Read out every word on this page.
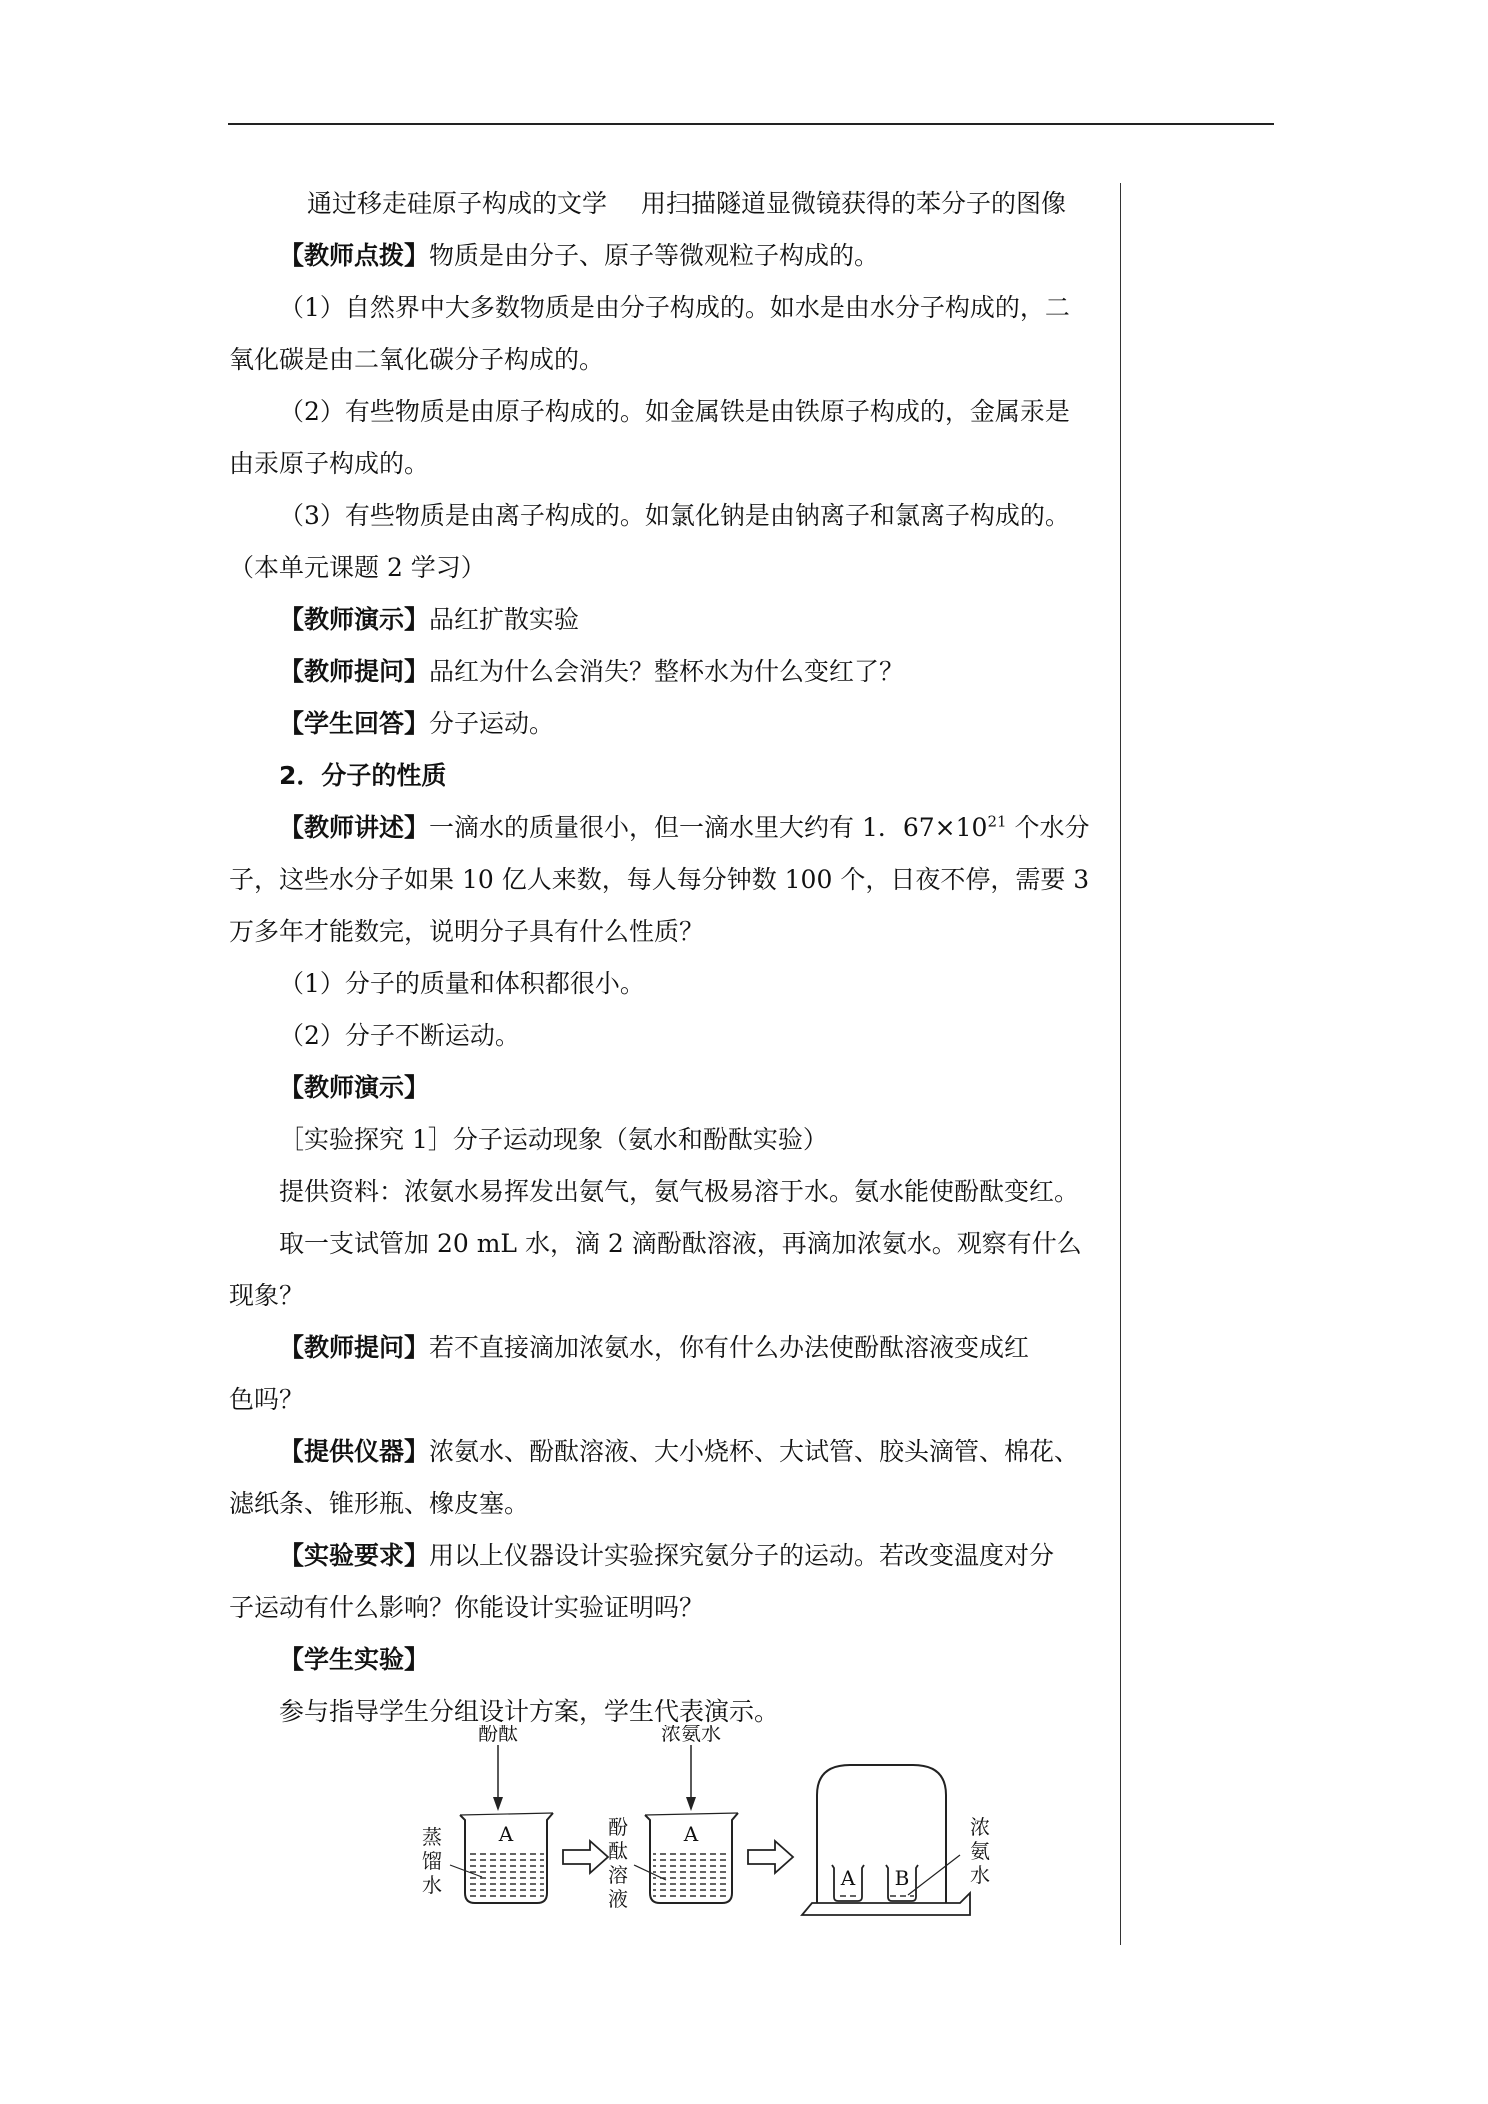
通过移走硅原子构成的文学 用扫描隧道显微镜获得的苯分子的图像

【教师点拨】物质是由分子、原子等微观粒子构成的。

（1）自然界中大多数物质是由分子构成的。如水是由水分子构成的，二
氧化碳是由二氧化碳分子构成的。

（2）有些物质是由原子构成的。如金属铁是由铁原子构成的，金属汞是
由汞原子构成的。

（3）有些物质是由离子构成的。如氯化钠是由钠离子和氯离子构成的。
（本单元课题 2 学习）

【教师演示】品红扩散实验

【教师提问】品红为什么会消失？整杯水为什么变红了？

【学生回答】分子运动。

2．分子的性质

【教师讲述】一滴水的质量很小，但一滴水里大约有 1．$67\times 10^{21}$ 个水分
子，这些水分子如果 10 亿人来数，每人每分钟数 100 个，日夜不停，需要 3
万多年才能数完，说明分子具有什么性质？

（1）分子的质量和体积都很小。

（2）分子不断运动。

【教师演示】

［实验探究 1］分子运动现象（氨水和酚酞实验）

提供资料：浓氨水易挥发出氨气，氨气极易溶于水。氨水能使酚酞变红。

取一支试管加 20 mL 水，滴 2 滴酚酞溶液，再滴加浓氨水。观察有什么
现象？

【教师提问】若不直接滴加浓氨水，你有什么办法使酚酞溶液变成红
色吗？

【提供仪器】浓氨水、酚酞溶液、大小烧杯、大试管、胶头滴管、棉花、
滤纸条、锥形瓶、橡皮塞。

【实验要求】用以上仪器设计实验探究氨分子的运动。若改变温度对分
子运动有什么影响？你能设计实验证明吗？

【学生实验】

参与指导学生分组设计方案，学生代表演示。

A
酚酞
A
浓氨水
A B
蒸馏水
酚酞溶液
浓氨水
